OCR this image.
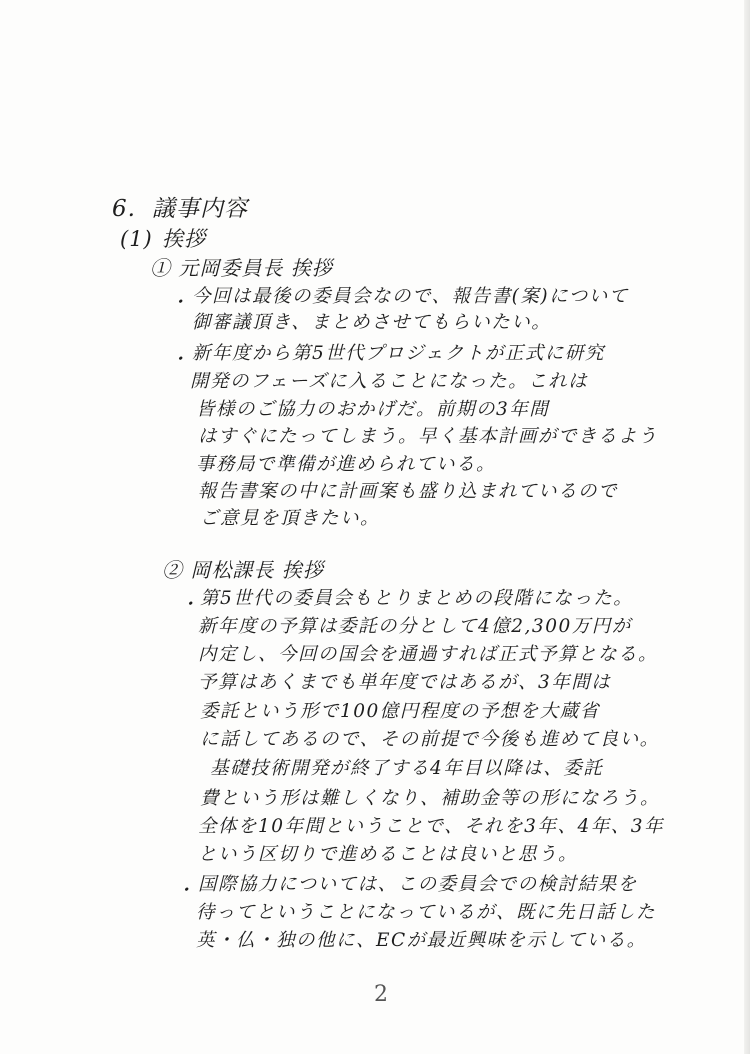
6. 議事内容
(1) 挨拶
① 元岡委員長 挨拶
・ 今回は最後の委員会なので、報告書(案)について
御審議頂き、まとめさせてもらいたい。
・ 新年度から第5世代プロジェクトが正式に研究
開発のフェーズに入ることになった。これは
皆様のご協力のおかげだ。前期の3年間
はすぐにたってしまう。早く基本計画ができるよう
事務局で準備が進められている。
報告書案の中に計画案も盛り込まれているので
ご意見を頂きたい。
② 岡松課長 挨拶
・ 第5世代の委員会もとりまとめの段階になった。
新年度の予算は委託の分として4億2,300万円が
内定し、今回の国会を通過すれば正式予算となる。
予算はあくまでも単年度ではあるが、3年間は
委託という形で100億円程度の予想を大蔵省
に話してあるので、その前提で今後も進めて良い。
基礎技術開発が終了する4年目以降は、委託
費という形は難しくなり、補助金等の形になろう。
全体を10年間ということで、それを3年、4年、3年
という区切りで進めることは良いと思う。
・ 国際協力については、この委員会での検討結果を
待ってということになっているが、既に先日話した
英・仏・独の他に、ECが最近興味を示している。
2
